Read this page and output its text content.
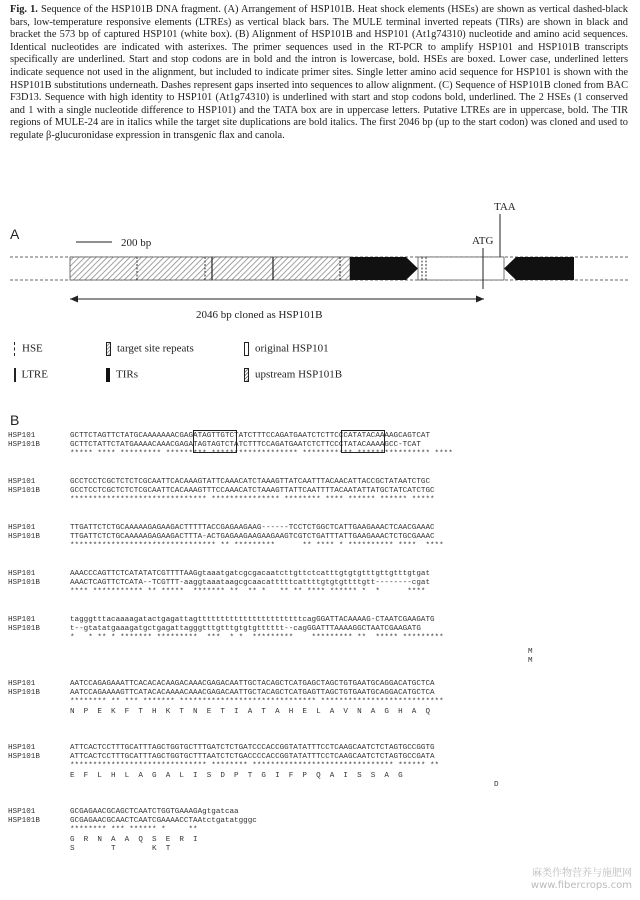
Fig. 1. Sequence of the HSP101B DNA fragment. (A) Arrangement of HSP101B. Heat shock elements (HSEs) are shown as vertical dashed-black bars, low-temperature responsive elements (LTREs) as vertical black bars. The MULE terminal inverted repeats (TIRs) are shown in black and bracket the 573 bp of captured HSP101 (white box). (B) Alignment of HSP101B and HSP101 (At1g74310) nucleotide and amino acid sequences. Identical nucleotides are indicated with asterixes. The primer sequences used in the RT-PCR to amplify HSP101 and HSP101B transcripts specifically are underlined. Start and stop codons are in bold and the intron is lowercase, bold. HSEs are boxed. Lower case, underlined letters indicate sequence not used in the alignment, but included to indicate primer sites. Single letter amino acid sequence for HSP101 is shown with the HSP101B substitutions underneath. Dashes represent gaps inserted into sequences to allow alignment. (C) Sequence of HSP101B cloned from BAC F3D13. Sequence with high identity to HSP101 (At1g74310) is underlined with start and stop codons bold, underlined. The 2 HSEs (1 conserved and 1 with a single nucleotide difference to HSP101) and the TATA box are in uppercase letters. Putative LTREs are in uppercase, bold. The TIR regions of MULE-24 are in italics while the target site duplications are bold italics. The first 2046 bp (up to the start codon) was cloned and used to regulate β-glucuronidase expression in transgenic flax and canola.
A
200 bp	ATG
TAA
2046 bp cloned as HSP101B
HSE
LTRE
target site repeats
TIRs
original HSP101
upstream HSP101B
B
HSP101	GCTTCTAGTTCTATGCAAAAAAACGAGATAGTTGTCTATCTTTCCAGATGAATCTCTTCCCATATACAAAAGCAGTCAT
HSP101B	GCTTCTATTCTATGAAAACAAACGAGATAGTAGTCTATCTTTCCAGATGAATCTCTTCCCTATACAAAAGCC-TCAT
***** **** ********* ********* ******************* *********** **************** ****
HSP101	GCCTCCTCGCTCTCTCGCAATTCACAAAGTATTCAAACATCTAAAGTTATCAATTTACAACATTACCGCTATAATCTGC
HSP101B	GCCTCCTCGCTCTCTCGCAATTCACAAAGTTTCCAAACATCTAAAGTTATTCAATTTTACAATATTATGCTATCATCTGC
****************************** *************** ******** **** ****** ****** *****
HSP101	TTGATTCTCTGCAAAAAGAGAAGACTTTTTACCGAGAAGAAG------TCCTCTGGCTCATTGAAGAAACTCAACGAAAC
HSP101B	TTGATTCTCTGCAAAAAGAGAAGACTTTA-ACTGAGAAGAAGAAGAAGTCGTCTGATTTATTGAAGAAACTCTGCGAAAC
******************************** ** *********      ** **** * ********** ****  ****
HSP101	AAACCCAGTTCTCATATATCGTTTTAAGgtaaatgatcgcgacaatcttgttctcatttgtgtgtttgttgtttgtgat
HSP101B	AAACTCAGTTCTCATA--TCGTTT-aaggtaaataagcgcaacatttttcattttgtgtgttttgtt--------cgat
**** *********** ** *****  ******* **  ** *   ** ** **** ****** *  *      ****
HSP101	tagggtttacaaaagatactgagattagtttttttttttttttttttttttcagGGATTACAAAAG-CTAATCGAAGATG
HSP101B	t--gtatatgaaagatgctgagattagggtttgtttgtgtgtttttt--cagGGATTTAAAAGGCTAATCGAAGATG
*   * ** * ******* *********  ***  * *  *********    ********* **  ***** *********
M
M
HSP101	AATCCAGAGAAATTCACACACAAGACAAACGAGACAATTGCTACAGCTCATGAGCTAGCTGTGAATGCAGGACATGCTCA
HSP101B	AATCCAGAAAAGTTCATACACAAAACAAACGAGACAATTGCTACAGCTCATGAGTTAGCTGTGAATGCAGGACATGCTCA
******** ** *** ******* ****************************** ***************************
N  P  E  K  F  T  H  K  T  N  E  T  I  A  T  A  H  E  L  A  V  N  A  G  H  A  Q
HSP101	ATTCACTCCTTTGCATTTAGCTGGTGCTTTGATCTCTGATCCCACCGGTATATTTCCTCAAGCAATCTCTAGTGCCGGTG
HSP101B	ATTCACTCCTTTGCATTTAGCTGGTGCTTTAATCTCTGACCCCACCGGTATATTTCCTCAAGCAATCTCTAGTGCCGATA
****************************** ******** ******************************* ****** **
E  F  L  H  L  A  G  A  L  I  S  D  P  T  G  I  F  P  Q  A  I  S  S  A  G
D
HSP101	GCGAGAACGCAGCTCAATCTGGTGAAAGAgtgatcaa
HSP101B	GCGAGAACGCAACTCAATCGAAAACCTAAtctgatatgggc
******** *** ****** *     **
G  R  N  A  A  Q  S  E  R  I
S        T        K  T
麻类作物营养与施肥网
www.fibercrops.com
